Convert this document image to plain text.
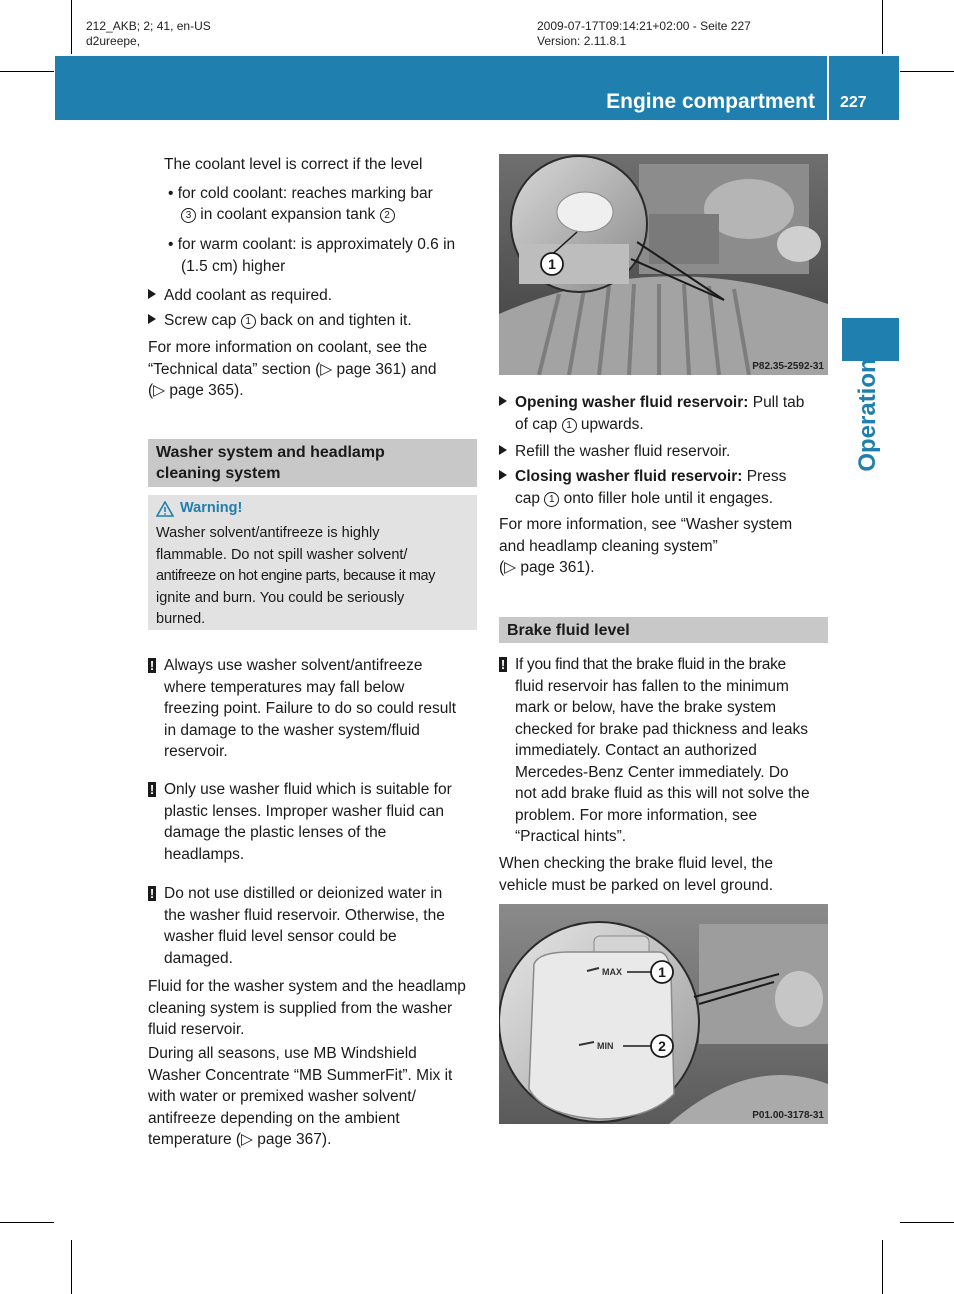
212_AKB; 2; 41, en-US
d2ureepe,
2009-07-17T09:14:21+02:00 - Seite 227
Version: 2.11.8.1
Engine compartment 227
Operation
The coolant level is correct if the level
• for cold coolant: reaches marking bar
3 in coolant expansion tank 2
• for warm coolant: is approximately 0.6 in
(1.5 cm) higher
Add coolant as required.
Screw cap 1 back on and tighten it.
For more information on coolant, see the
“Technical data” section (▷ page 361) and
(▷ page 365).
Washer system and headlamp
cleaning system
Warning!
Washer solvent/antifreeze is highly
flammable. Do not spill washer solvent/
antifreeze on hot engine parts, because it may
ignite and burn. You could be seriously
burned.
! Always use washer solvent/antifreeze
where temperatures may fall below
freezing point. Failure to do so could result
in damage to the washer system/fluid
reservoir.
! Only use washer fluid which is suitable for
plastic lenses. Improper washer fluid can
damage the plastic lenses of the
headlamps.
! Do not use distilled or deionized water in
the washer fluid reservoir. Otherwise, the
washer fluid level sensor could be
damaged.
Fluid for the washer system and the headlamp
cleaning system is supplied from the washer
fluid reservoir.
During all seasons, use MB Windshield
Washer Concentrate “MB SummerFit”. Mix it
with water or premixed washer solvent/
antifreeze depending on the ambient
temperature (▷ page 367).
1
P82.35-2592-31
Opening washer fluid reservoir: Pull tab
of cap 1 upwards.
Refill the washer fluid reservoir.
Closing washer fluid reservoir: Press
cap 1 onto filler hole until it engages.
For more information, see “Washer system
and headlamp cleaning system”
(▷ page 361).
Brake fluid level
! If you find that the brake fluid in the brake
fluid reservoir has fallen to the minimum
mark or below, have the brake system
checked for brake pad thickness and leaks
immediately. Contact an authorized
Mercedes-Benz Center immediately. Do
not add brake fluid as this will not solve the
problem. For more information, see
“Practical hints”.
When checking the brake fluid level, the
vehicle must be parked on level ground.
MAX
MIN
1
2
P01.00-3178-31
